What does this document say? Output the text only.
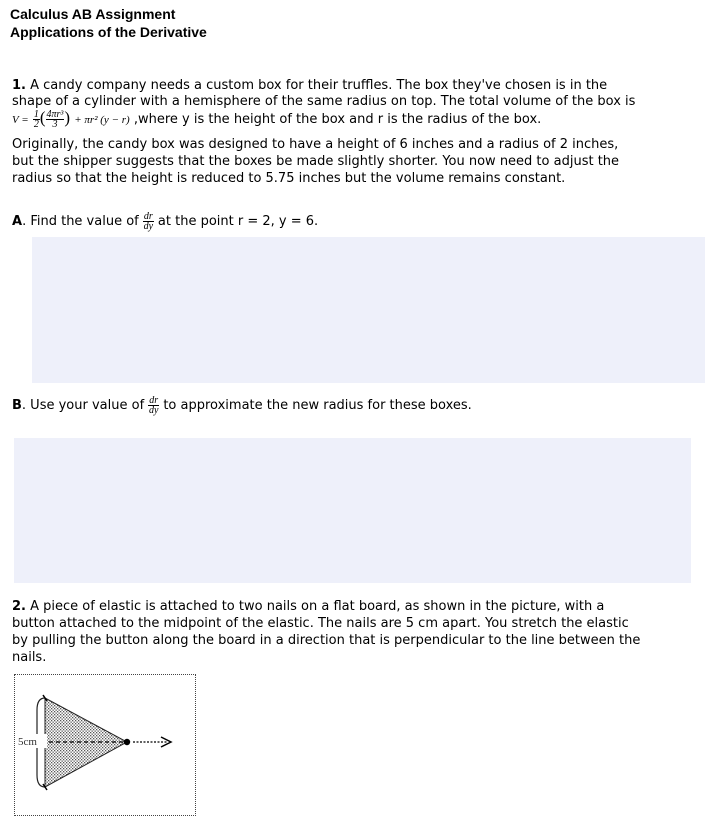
Calculus AB Assignment
Applications of the Derivative
1. A candy company needs a custom box for their truffles. The box they've chosen is in the
shape of a cylinder with a hemisphere of the same radius on top. The total volume of the box is
$V = \frac{1}{2}$ ( $\frac{\text{4πr³}}{3}$ ) + πr² (y − r) ,where y is the height of the box and r is the radius of the box.
Originally, the candy box was designed to have a height of 6 inches and a radius of 2 inches,
but the shipper suggests that the boxes be made slightly shorter. You now need to adjust the
radius so that the height is reduced to 5.75 inches but the volume remains constant.
A. Find the value of $\frac{dr}{dy}$ at the point r = 2, y = 6.
B. Use your value of $\frac{dr}{dy}$ to approximate the new radius for these boxes.
2. A piece of elastic is attached to two nails on a flat board, as shown in the picture, with a
button attached to the midpoint of the elastic. The nails are 5 cm apart. You stretch the elastic
by pulling the button along the board in a direction that is perpendicular to the line between the
nails.
5cm
